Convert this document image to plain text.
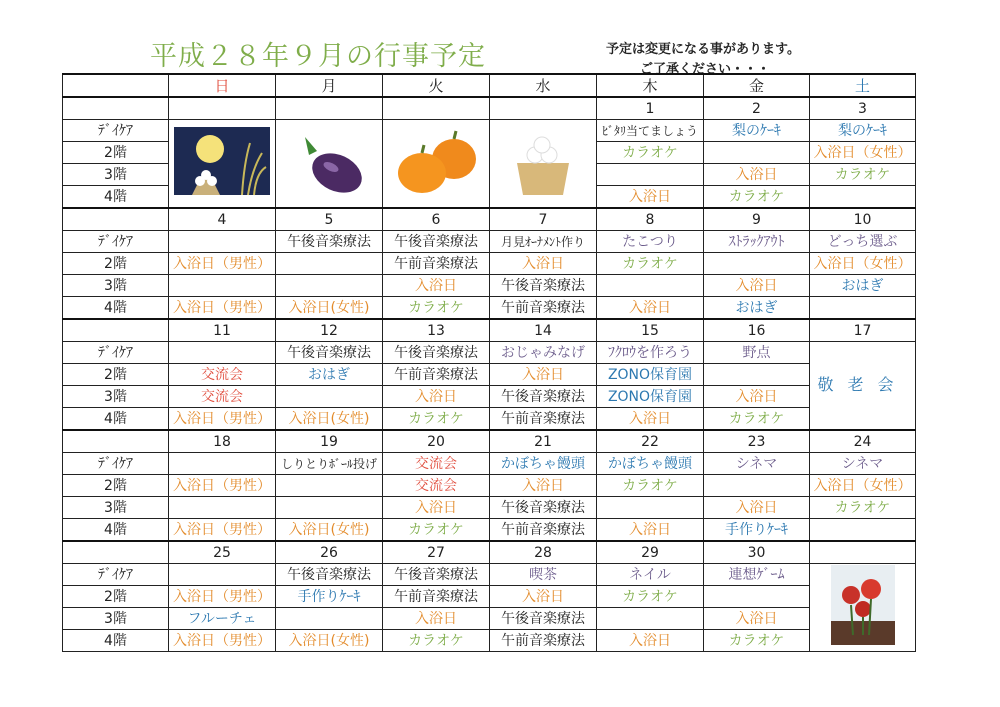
平成２８年９月の行事予定	予定は変更になる事があります。
ご了承ください・・・
	日	月	火	水	木	金	土
					1	2	3
ﾃﾞｲｹｱ					ﾋﾞﾀﾘ当てましょう	梨のｹｰｷ	梨のｹｰｷ
2階					カラオケ		入浴日（女性）
3階						入浴日	カラオケ
4階					入浴日	カラオケ	
	4	5	6	7	8	9	10
ﾃﾞｲｹｱ		午後音楽療法	午後音楽療法	月見ｵｰﾅﾒﾝﾄ作り	たこつり	ｽﾄﾗｯｸｱｳﾄ	どっち選ぶ
2階	入浴日（男性）		午前音楽療法	入浴日	カラオケ		入浴日（女性）
3階			入浴日	午後音楽療法		入浴日	おはぎ
4階	入浴日（男性）	入浴日(女性)	カラオケ	午前音楽療法	入浴日	おはぎ	
	11	12	13	14	15	16	17
ﾃﾞｲｹｱ		午後音楽療法	午後音楽療法	おじゃみなげ	ﾌｸﾛｳを作ろう	野点	敬老会
2階	交流会	おはぎ	午前音楽療法	入浴日	ZONO保育園		
3階	交流会		入浴日	午後音楽療法	ZONO保育園	入浴日	
4階	入浴日（男性）	入浴日(女性)	カラオケ	午前音楽療法	入浴日	カラオケ	
	18	19	20	21	22	23	24
ﾃﾞｲｹｱ		しりとりﾎﾞｰﾙ投げ	交流会	かぼちゃ饅頭	かぼちゃ饅頭	シネマ	シネマ
2階	入浴日（男性）		交流会	入浴日	カラオケ		入浴日（女性）
3階			入浴日	午後音楽療法		入浴日	カラオケ
4階	入浴日（男性）	入浴日(女性)	カラオケ	午前音楽療法	入浴日	手作りｹｰｷ	
	25	26	27	28	29	30	
ﾃﾞｲｹｱ		午後音楽療法	午後音楽療法	喫茶	ネイル	連想ｹﾞｰﾑ	
2階	入浴日（男性）	手作りｹｰｷ	午前音楽療法	入浴日	カラオケ		
3階	フルーチェ		入浴日	午後音楽療法		入浴日	
4階	入浴日（男性）	入浴日(女性)	カラオケ	午前音楽療法	入浴日	カラオケ	
